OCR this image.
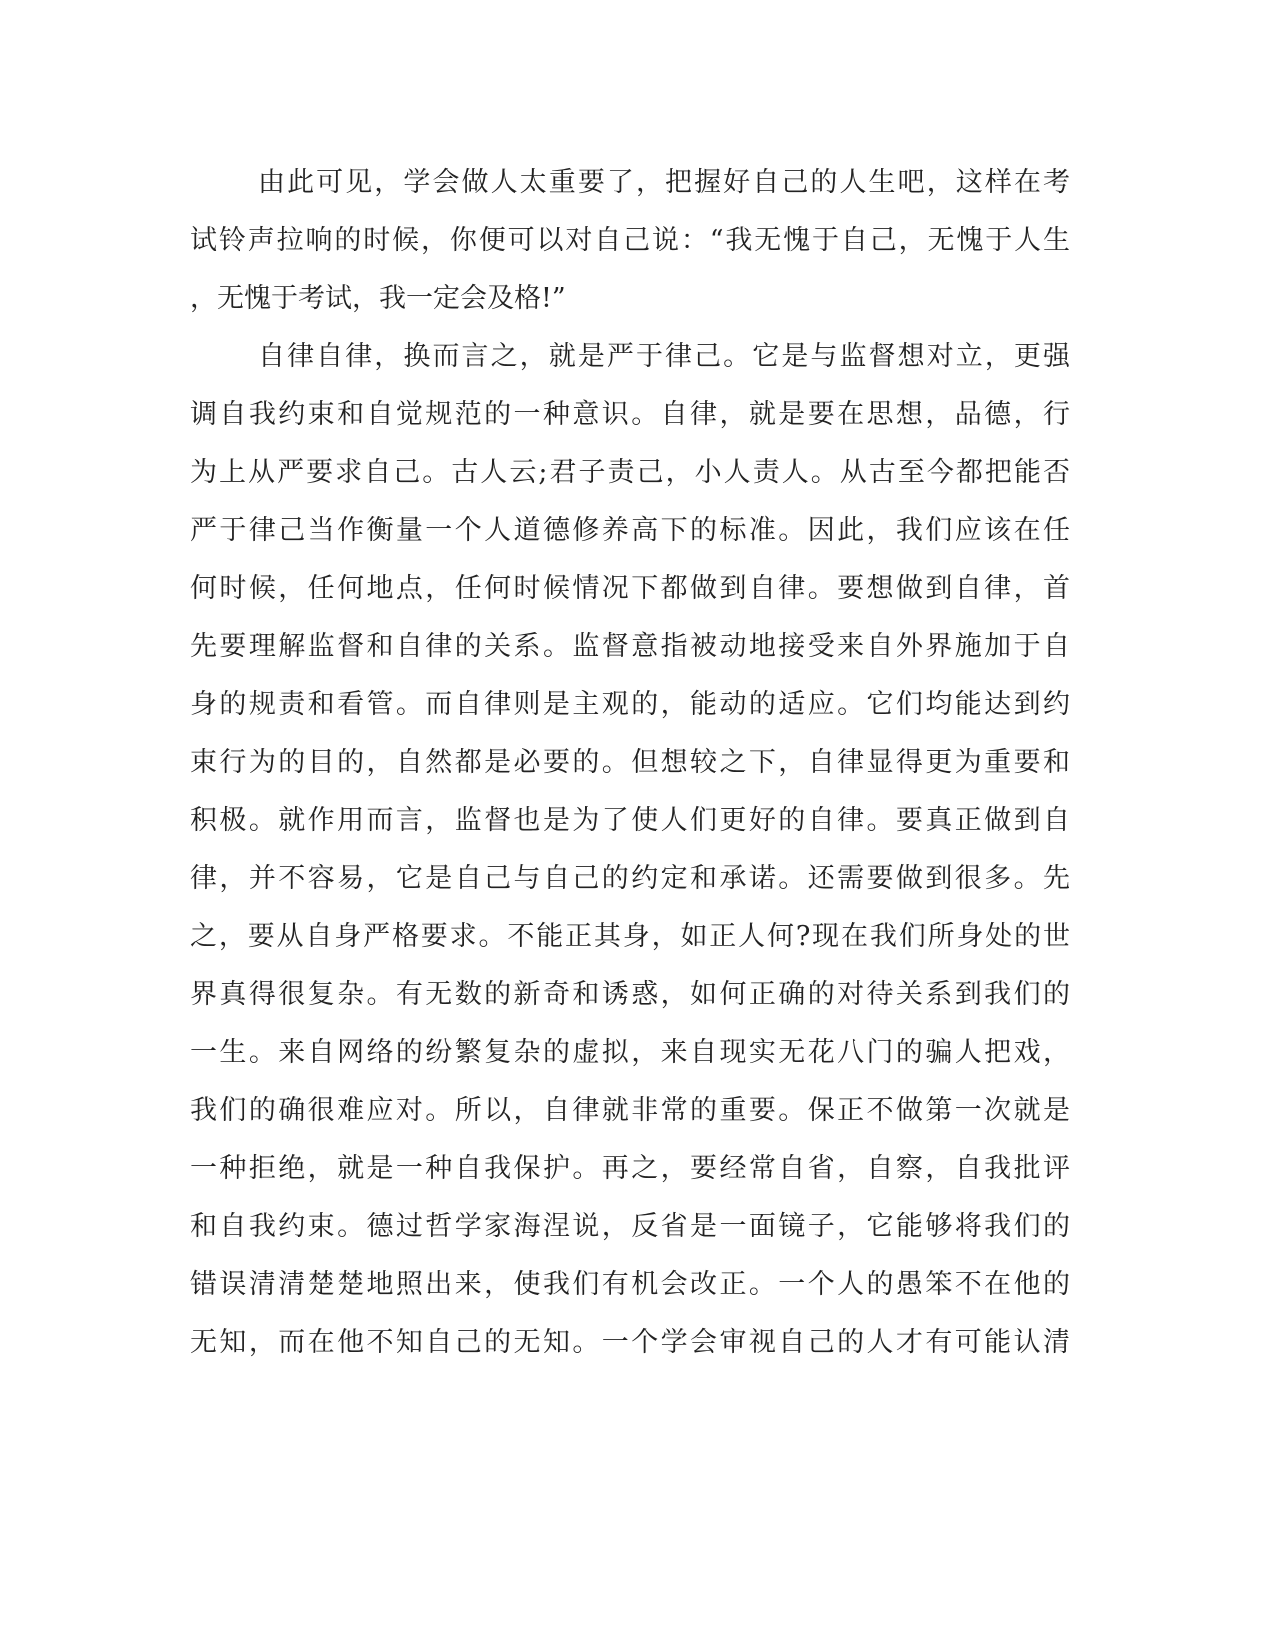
由此可见，学会做人太重要了，把握好自己的人生吧，这样在考
试铃声拉响的时候，你便可以对自己说：“我无愧于自己，无愧于人生
，无愧于考试，我一定会及格!”
自律自律，换而言之，就是严于律己。它是与监督想对立，更强
调自我约束和自觉规范的一种意识。自律，就是要在思想，品德，行
为上从严要求自己。古人云;君子责己，小人责人。从古至今都把能否
严于律己当作衡量一个人道德修养高下的标准。因此，我们应该在任
何时候，任何地点，任何时候情况下都做到自律。要想做到自律，首
先要理解监督和自律的关系。监督意指被动地接受来自外界施加于自
身的规责和看管。而自律则是主观的，能动的适应。它们均能达到约
束行为的目的，自然都是必要的。但想较之下，自律显得更为重要和
积极。就作用而言，监督也是为了使人们更好的自律。要真正做到自
律，并不容易，它是自己与自己的约定和承诺。还需要做到很多。先
之，要从自身严格要求。不能正其身，如正人何?现在我们所身处的世
界真得很复杂。有无数的新奇和诱惑，如何正确的对待关系到我们的
一生。来自网络的纷繁复杂的虚拟，来自现实无花八门的骗人把戏，
我们的确很难应对。所以，自律就非常的重要。保正不做第一次就是
一种拒绝，就是一种自我保护。再之，要经常自省，自察，自我批评
和自我约束。德过哲学家海涅说，反省是一面镜子，它能够将我们的
错误清清楚楚地照出来，使我们有机会改正。一个人的愚笨不在他的
无知，而在他不知自己的无知。一个学会审视自己的人才有可能认清
